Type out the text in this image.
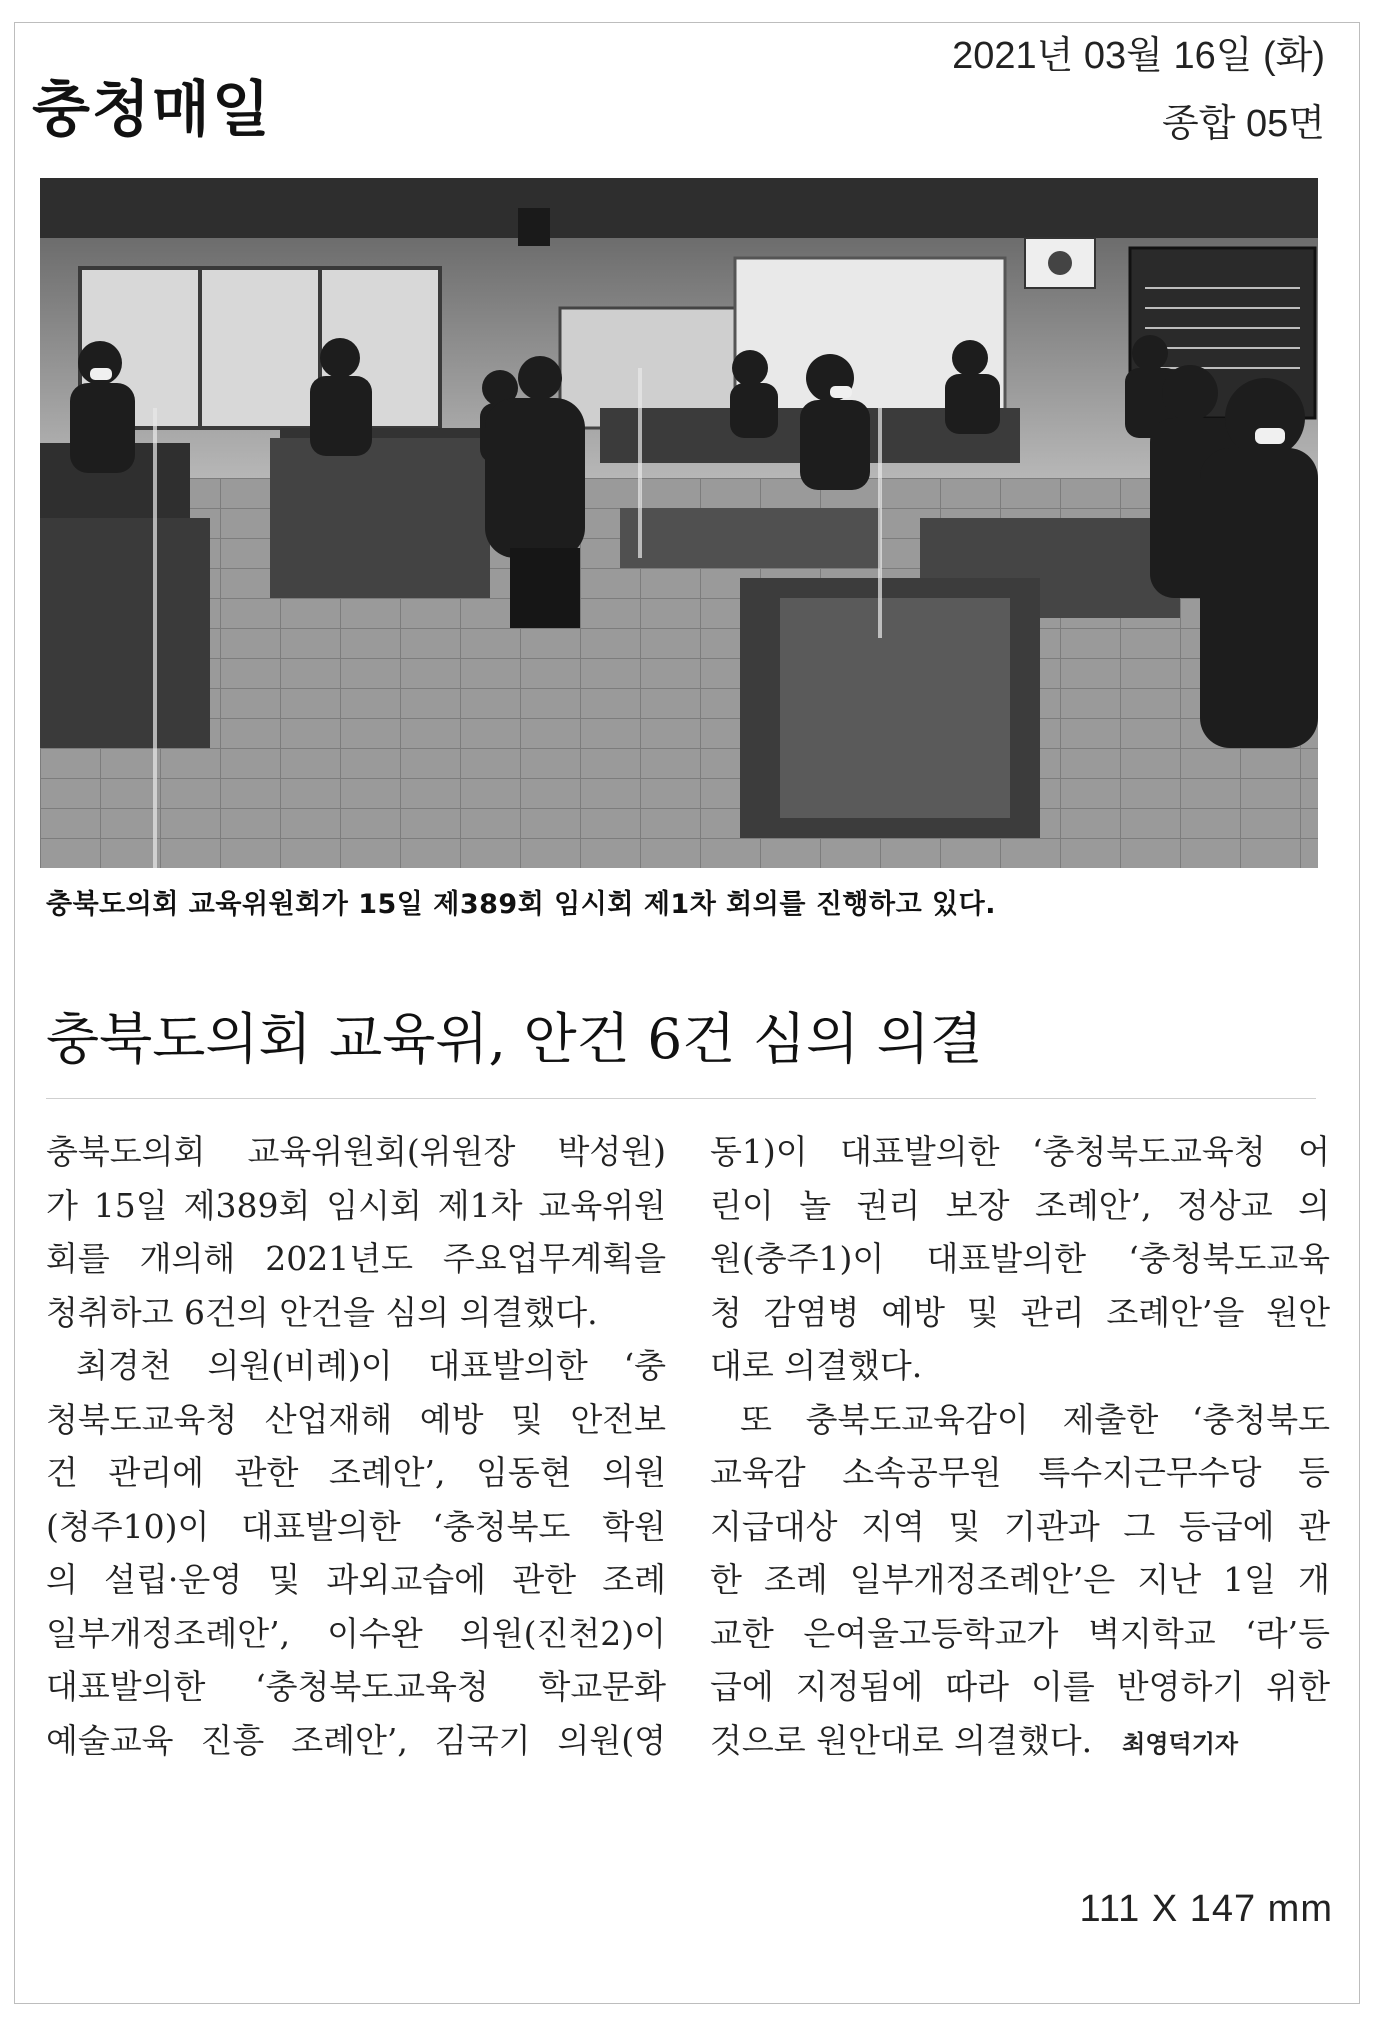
충청매일
2021년 03월 16일 (화)
종합 05면
충북도의회 교육위원회가 15일 제389회 임시회 제1차 회의를 진행하고 있다.
충북도의회 교육위, 안건 6건 심의 의결
충북도의회 교육위원회(위원장 박성원)
가 15일 제389회 임시회 제1차 교육위원
회를 개의해 2021년도 주요업무계획을
청취하고 6건의 안건을 심의 의결했다.
최경천 의원(비례)이 대표발의한 ‘충
청북도교육청 산업재해 예방 및 안전보
건 관리에 관한 조례안’, 임동현 의원
(청주10)이 대표발의한 ‘충청북도 학원
의 설립·운영 및 과외교습에 관한 조례
일부개정조례안’, 이수완 의원(진천2)이
대표발의한 ‘충청북도교육청 학교문화
예술교육 진흥 조례안’, 김국기 의원(영
동1)이 대표발의한 ‘충청북도교육청 어
린이 놀 권리 보장 조례안’, 정상교 의
원(충주1)이 대표발의한 ‘충청북도교육
청 감염병 예방 및 관리 조례안’을 원안
대로 의결했다.
또 충북도교육감이 제출한 ‘충청북도
교육감 소속공무원 특수지근무수당 등
지급대상 지역 및 기관과 그 등급에 관
한 조례 일부개정조례안’은 지난 1일 개
교한 은여울고등학교가 벽지학교 ‘라’등
급에 지정됨에 따라 이를 반영하기 위한
것으로 원안대로 의결했다. 최영덕기자
111 X 147 mm
